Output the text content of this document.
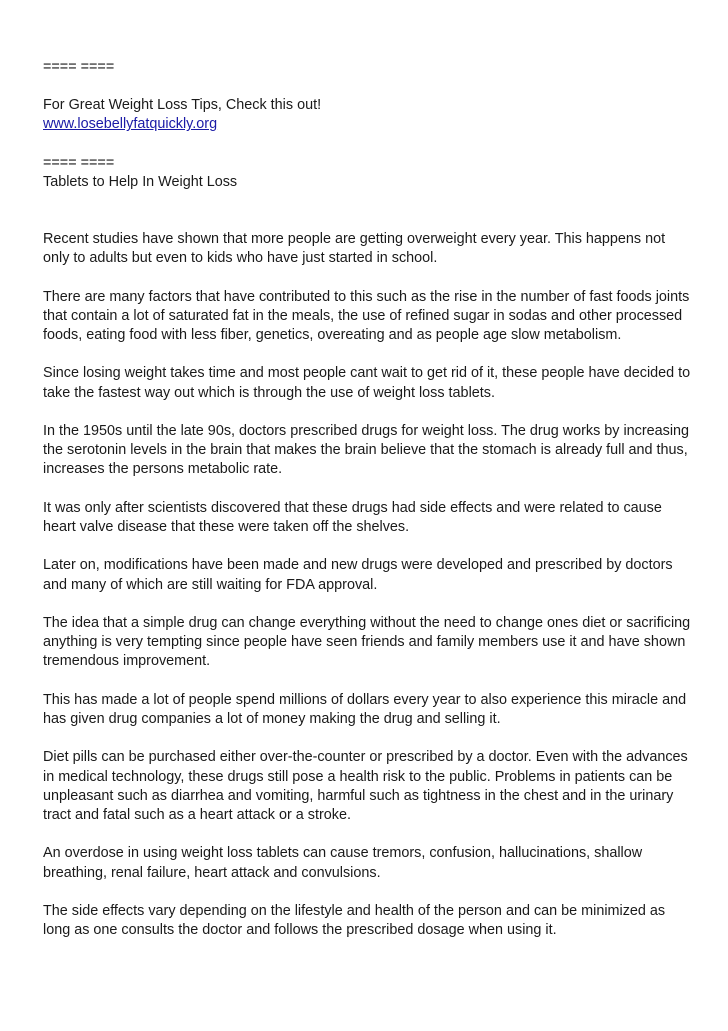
==== ====
For Great Weight Loss Tips, Check this out!
www.losebellyfatquickly.org
==== ====
Tablets to Help In Weight Loss

Recent studies have shown that more people are getting overweight every year. This happens not only to adults but even to kids who have just started in school.

There are many factors that have contributed to this such as the rise in the number of fast foods joints that contain a lot of saturated fat in the meals, the use of refined sugar in sodas and other processed foods, eating food with less fiber, genetics, overeating and as people age slow metabolism.

Since losing weight takes time and most people cant wait to get rid of it, these people have decided to take the fastest way out which is through the use of weight loss tablets.

In the 1950s until the late 90s, doctors prescribed drugs for weight loss. The drug works by increasing the serotonin levels in the brain that makes the brain believe that the stomach is already full and thus, increases the persons metabolic rate.

It was only after scientists discovered that these drugs had side effects and were related to cause heart valve disease that these were taken off the shelves.

Later on, modifications have been made and new drugs were developed and prescribed by doctors and many of which are still waiting for FDA approval.

The idea that a simple drug can change everything without the need to change ones diet or sacrificing anything is very tempting since people have seen friends and family members use it and have shown tremendous improvement.

This has made a lot of people spend millions of dollars every year to also experience this miracle and has given drug companies a lot of money making the drug and selling it.

Diet pills can be purchased either over-the-counter or prescribed by a doctor. Even with the advances in medical technology, these drugs still pose a health risk to the public. Problems in patients can be unpleasant such as diarrhea and vomiting, harmful such as tightness in the chest and in the urinary tract and fatal such as a heart attack or a stroke.

An overdose in using weight loss tablets can cause tremors, confusion, hallucinations, shallow breathing, renal failure, heart attack and convulsions.

The side effects vary depending on the lifestyle and health of the person and can be minimized as long as one consults the doctor and follows the prescribed dosage when using it.
